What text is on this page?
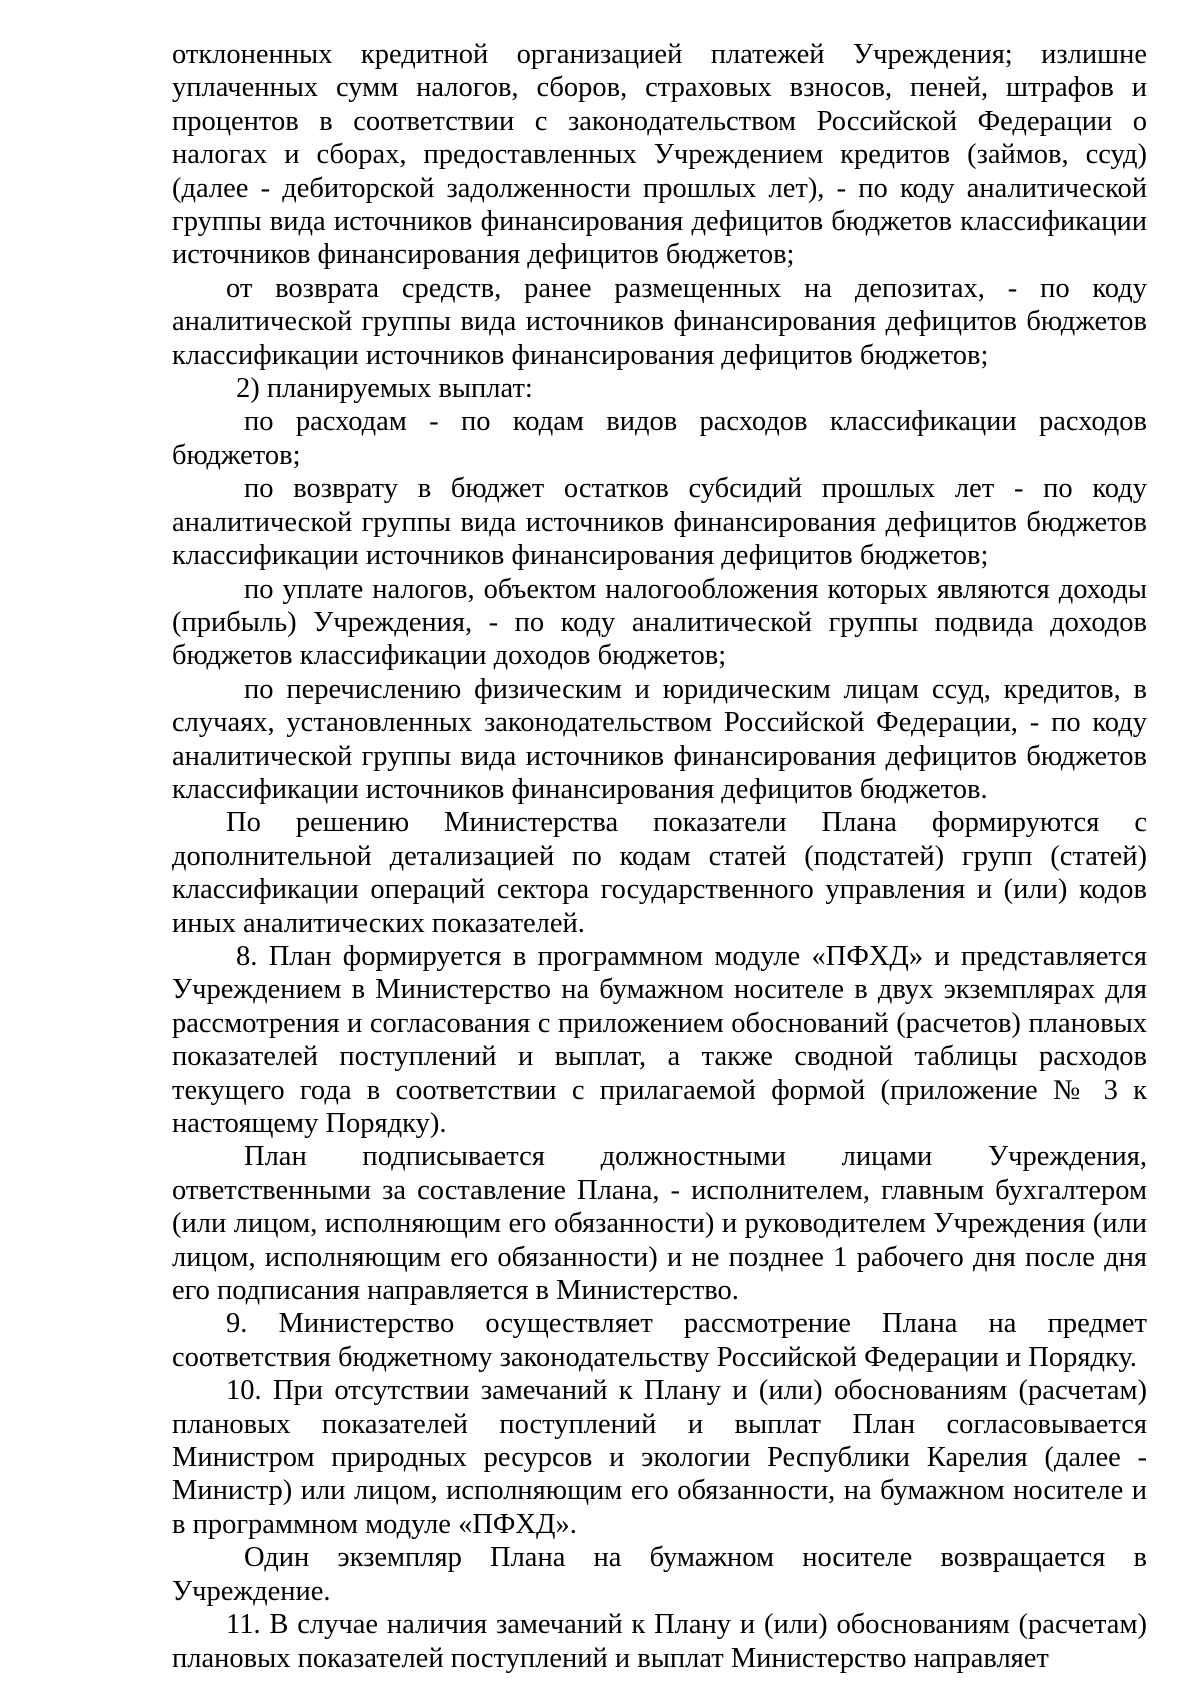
отклоненных кредитной организацией платежей Учреждения; излишне уплаченных сумм налогов, сборов, страховых взносов, пеней, штрафов и процентов в соответствии с законодательством Российской Федерации о налогах и сборах, предоставленных Учреждением кредитов (займов, ссуд) (далее - дебиторской задолженности прошлых лет), - по коду аналитической группы вида источников финансирования дефицитов бюджетов классификации источников финансирования дефицитов бюджетов;

от возврата средств, ранее размещенных на депозитах, - по коду аналитической группы вида источников финансирования дефицитов бюджетов классификации источников финансирования дефицитов бюджетов;

2) планируемых выплат:

по расходам - по кодам видов расходов классификации расходов бюджетов;

по возврату в бюджет остатков субсидий прошлых лет - по коду аналитической группы вида источников финансирования дефицитов бюджетов классификации источников финансирования дефицитов бюджетов;

по уплате налогов, объектом налогообложения которых являются доходы (прибыль) Учреждения, - по коду аналитической группы подвида доходов бюджетов классификации доходов бюджетов;

по перечислению физическим и юридическим лицам ссуд, кредитов, в случаях, установленных законодательством Российской Федерации, - по коду аналитической группы вида источников финансирования дефицитов бюджетов классификации источников финансирования дефицитов бюджетов.

По решению Министерства показатели Плана формируются с дополнительной детализацией по кодам статей (подстатей) групп (статей) классификации операций сектора государственного управления и (или) кодов иных аналитических показателей.

8. План формируется в программном модуле «ПФХД» и представляется Учреждением в Министерство на бумажном носителе в двух экземплярах для рассмотрения и согласования с приложением обоснований (расчетов) плановых показателей поступлений и выплат, а также сводной таблицы расходов текущего года в соответствии с прилагаемой формой (приложение № 3 к настоящему Порядку).

План подписывается должностными лицами Учреждения, ответственными за составление Плана, - исполнителем, главным бухгалтером (или лицом, исполняющим его обязанности) и руководителем Учреждения (или лицом, исполняющим его обязанности) и не позднее 1 рабочего дня после дня его подписания направляется в Министерство.

9. Министерство осуществляет рассмотрение Плана на предмет соответствия бюджетному законодательству Российской Федерации и Порядку.

10. При отсутствии замечаний к Плану и (или) обоснованиям (расчетам) плановых показателей поступлений и выплат План согласовывается Министром природных ресурсов и экологии Республики Карелия (далее - Министр) или лицом, исполняющим его обязанности, на бумажном носителе и в программном модуле «ПФХД».

Один экземпляр Плана на бумажном носителе возвращается в Учреждение.

11. В случае наличия замечаний к Плану и (или) обоснованиям (расчетам) плановых показателей поступлений и выплат Министерство направляет
